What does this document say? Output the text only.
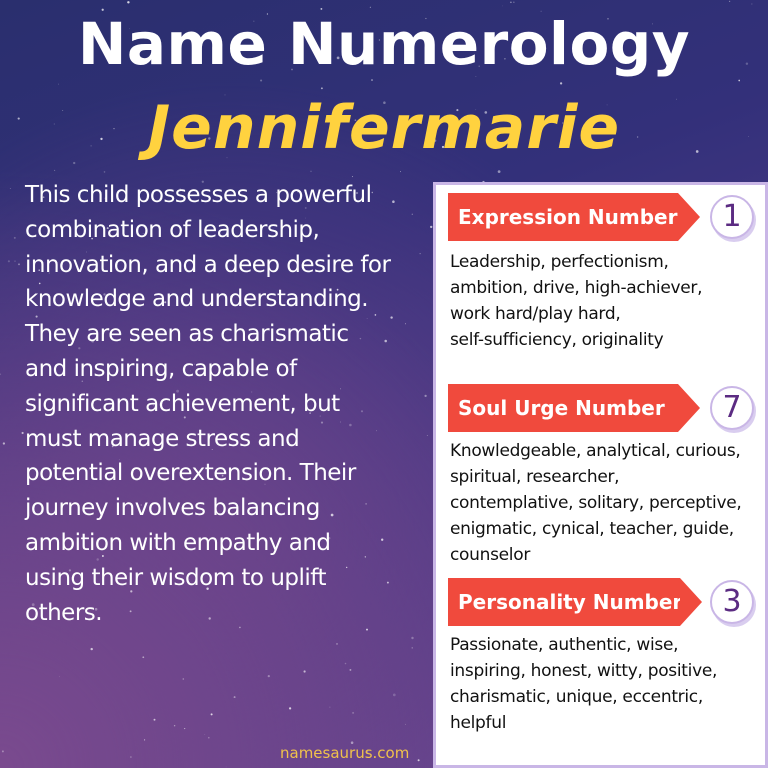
Name Numerology
Jennifermarie
This child possesses a powerful
combination of leadership,
innovation, and a deep desire for
knowledge and understanding.
They are seen as charismatic
and inspiring, capable of
significant achievement, but
must manage stress and
potential overextension. Their
journey involves balancing
ambition with empathy and
using their wisdom to uplift
others.
Expression Number	1
Leadership, perfectionism,
ambition, drive, high-achiever,
work hard/play hard,
self-sufficiency, originality
Soul Urge Number	7
Knowledgeable, analytical, curious,
spiritual, researcher,
contemplative, solitary, perceptive,
enigmatic, cynical, teacher, guide,
counselor
Personality Number	3
Passionate, authentic, wise,
inspiring, honest, witty, positive,
charismatic, unique, eccentric,
helpful
namesaurus.com
